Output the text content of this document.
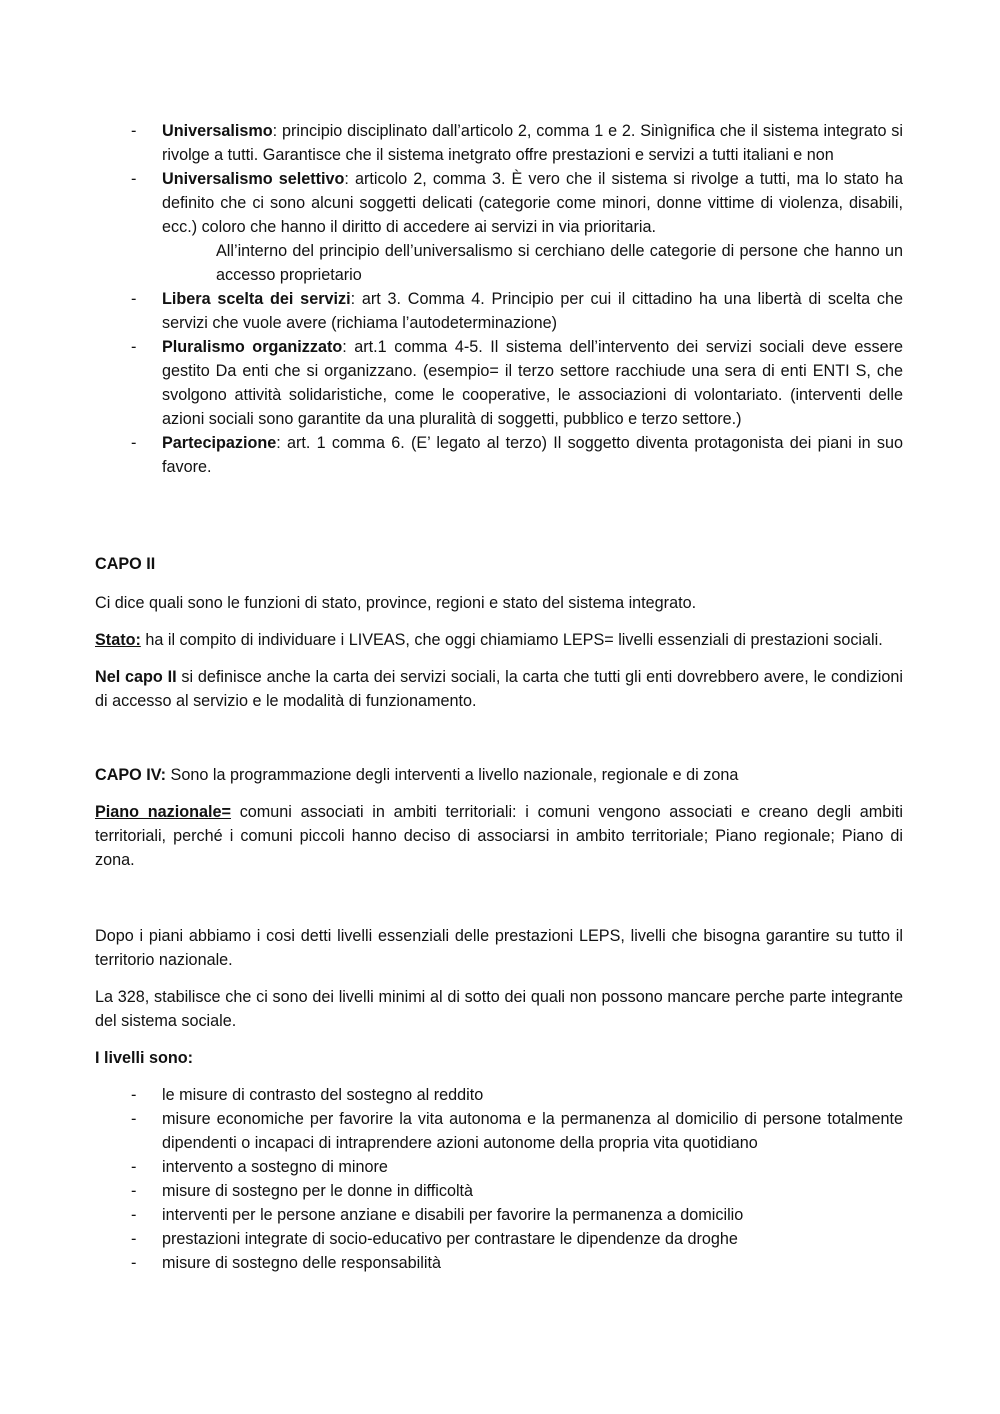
- Universalismo: principio disciplinato dall’articolo 2, comma 1 e 2. Sinìgnifica che il sistema integrato si rivolge a tutti. Garantisce che il sistema inetgrato offre prestazioni e servizi a tutti italiani e non
- Universalismo selettivo: articolo 2, comma 3. È vero che il sistema si rivolge a tutti, ma lo stato ha definito che ci sono alcuni soggetti delicati (categorie come minori, donne vittime di violenza, disabili, ecc.) coloro che hanno il diritto di accedere ai servizi in via prioritaria.

All’interno del principio dell’universalismo si cerchiano delle categorie di persone che hanno un accesso proprietario

- Libera scelta dei servizi: art 3. Comma 4. Principio per cui il cittadino ha una libertà di scelta che servizi che vuole avere (richiama l’autodeterminazione)
- Pluralismo organizzato: art.1 comma 4-5. Il sistema dell’intervento dei servizi sociali deve essere gestito Da enti che si organizzano. (esempio= il terzo settore racchiude una sera di enti ENTI S, che svolgono attività solidaristiche, come le cooperative, le associazioni di volontariato. (interventi delle azioni sociali sono garantite da una pluralità di soggetti, pubblico e terzo settore.)
- Partecipazione: art. 1 comma 6. (E’ legato al terzo) Il soggetto diventa protagonista dei piani in suo favore.

CAPO II

Ci dice quali sono le funzioni di stato, province, regioni e stato del sistema integrato.

Stato: ha il compito di individuare i LIVEAS, che oggi chiamiamo LEPS= livelli essenziali di prestazioni sociali.

Nel capo II si definisce anche la carta dei servizi sociali, la carta che tutti gli enti dovrebbero avere, le condizioni di accesso al servizio e le modalità di funzionamento.

CAPO IV: Sono la programmazione degli interventi a livello nazionale, regionale e di zona

Piano nazionale= comuni associati in ambiti territoriali: i comuni vengono associati e creano degli ambiti territoriali, perché i comuni piccoli hanno deciso di associarsi in ambito territoriale; Piano regionale; Piano di zona.

Dopo i piani abbiamo i cosi detti livelli essenziali delle prestazioni LEPS, livelli che bisogna garantire su tutto il territorio nazionale.

La 328, stabilisce che ci sono dei livelli minimi al di sotto dei quali non possono mancare perche parte integrante del sistema sociale.

I livelli sono:

- le misure di contrasto del sostegno al reddito
- misure economiche per favorire la vita autonoma e la permanenza al domicilio di persone totalmente dipendenti o incapaci di intraprendere azioni autonome della propria vita quotidiano
- intervento a sostegno di minore
- misure di sostegno per le donne in difficoltà
- interventi per le persone anziane e disabili per favorire la permanenza a domicilio
- prestazioni integrate di socio-educativo per contrastare le dipendenze da droghe
- misure di sostegno delle responsabilità
